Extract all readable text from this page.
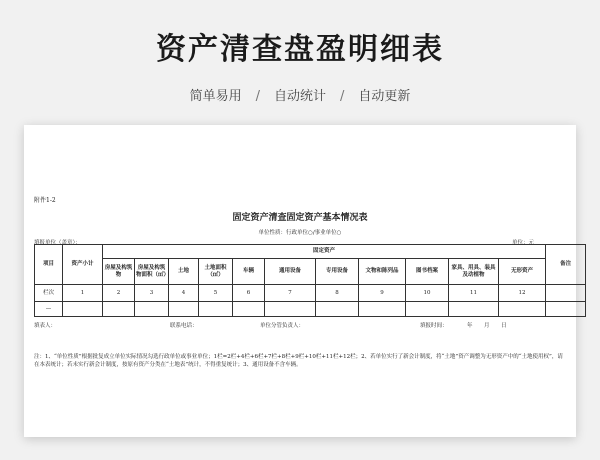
资产清查盘盈明细表
简单易用 / 自动统计 / 自动更新
附件1-2
固定资产清查固定资产基本情况表
单位性质：行政单位○/事业单位○
填报单位（盖章）：	单位：元
项目	资产小计	固定资产											备注
		房屋及构筑物	房屋及构筑物面积（㎡）	土地	土地面积（㎡）	车辆	通用设备	专用设备	文物和陈列品	图书档案	家具、用具、装具及动植物	无形资产	
栏次	1	2	3	4	5	6	7	8	9	10	11	12	
—													
填表人：	联系电话：	单位分管负责人：	填报时间：	年 月 日
注：1、“单位性质”根据批复成立单位实际情况勾选行政单位或事业单位；1栏=2栏+4栏+6栏+7栏+8栏+9栏+10栏+11栏+12栏；2、若单位实行了新会计制度，将“土地”资产调整为无形资产中的“土地使用权”，请在本表统计；若未实行新会计制度，按原有资产分类在“土地表”统计，不得重复统计；3、通用设备不含车辆。
